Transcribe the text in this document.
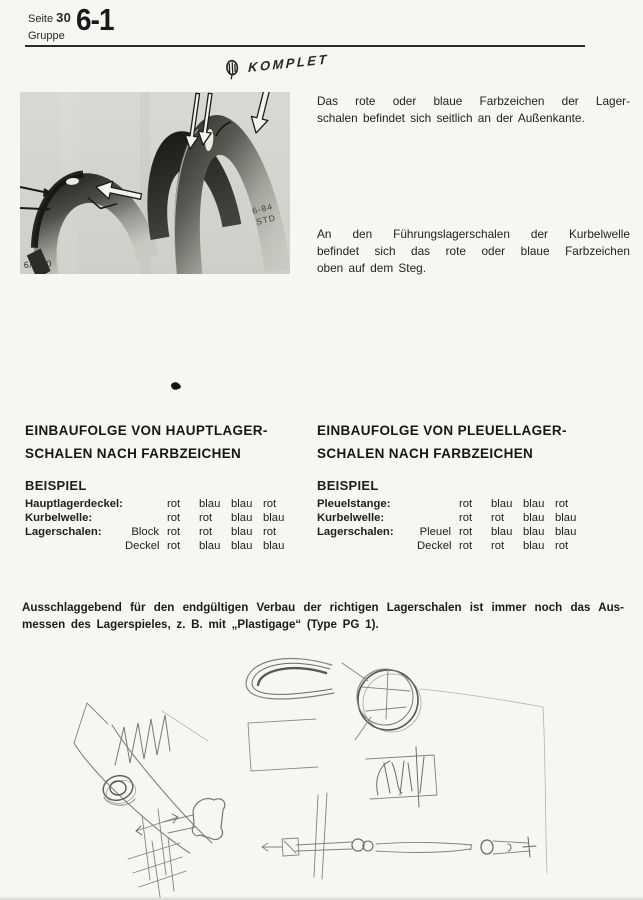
Seite 30
Gruppe 6-1
KOMPLET
6-84
STD
6/3/10
Das rote oder blaue Farbzeichen der Lager-
schalen befindet sich seitlich an der Außenkante.
An den Führungslagerschalen der Kurbelwelle
befindet sich das rote oder blaue Farbzeichen
oben auf dem Steg.
EINBAUFOLGE VON HAUPTLAGER-
SCHALEN NACH FARBZEICHEN
BEISPIEL
Hauptlagerdeckel:	rot	blau blau rot
Kurbelwelle:	rot	rot	blau blau
Lagerschalen:	Block rot	rot	blau rot
Deckel rot	blau blau blau
EINBAUFOLGE VON PLEUELLAGER-
SCHALEN NACH FARBZEICHEN
BEISPIEL
Pleuelstange:	rot	blau blau rot
Kurbelwelle:	rot	rot	blau blau
Lagerschalen:	Pleuel rot	blau blau blau
Deckel rot	rot	blau rot
Ausschlaggebend für den endgültigen Verbau der richtigen Lagerschalen ist immer noch das Aus-
messen des Lagerspieles, z. B. mit „Plastigage“ (Type PG 1).
